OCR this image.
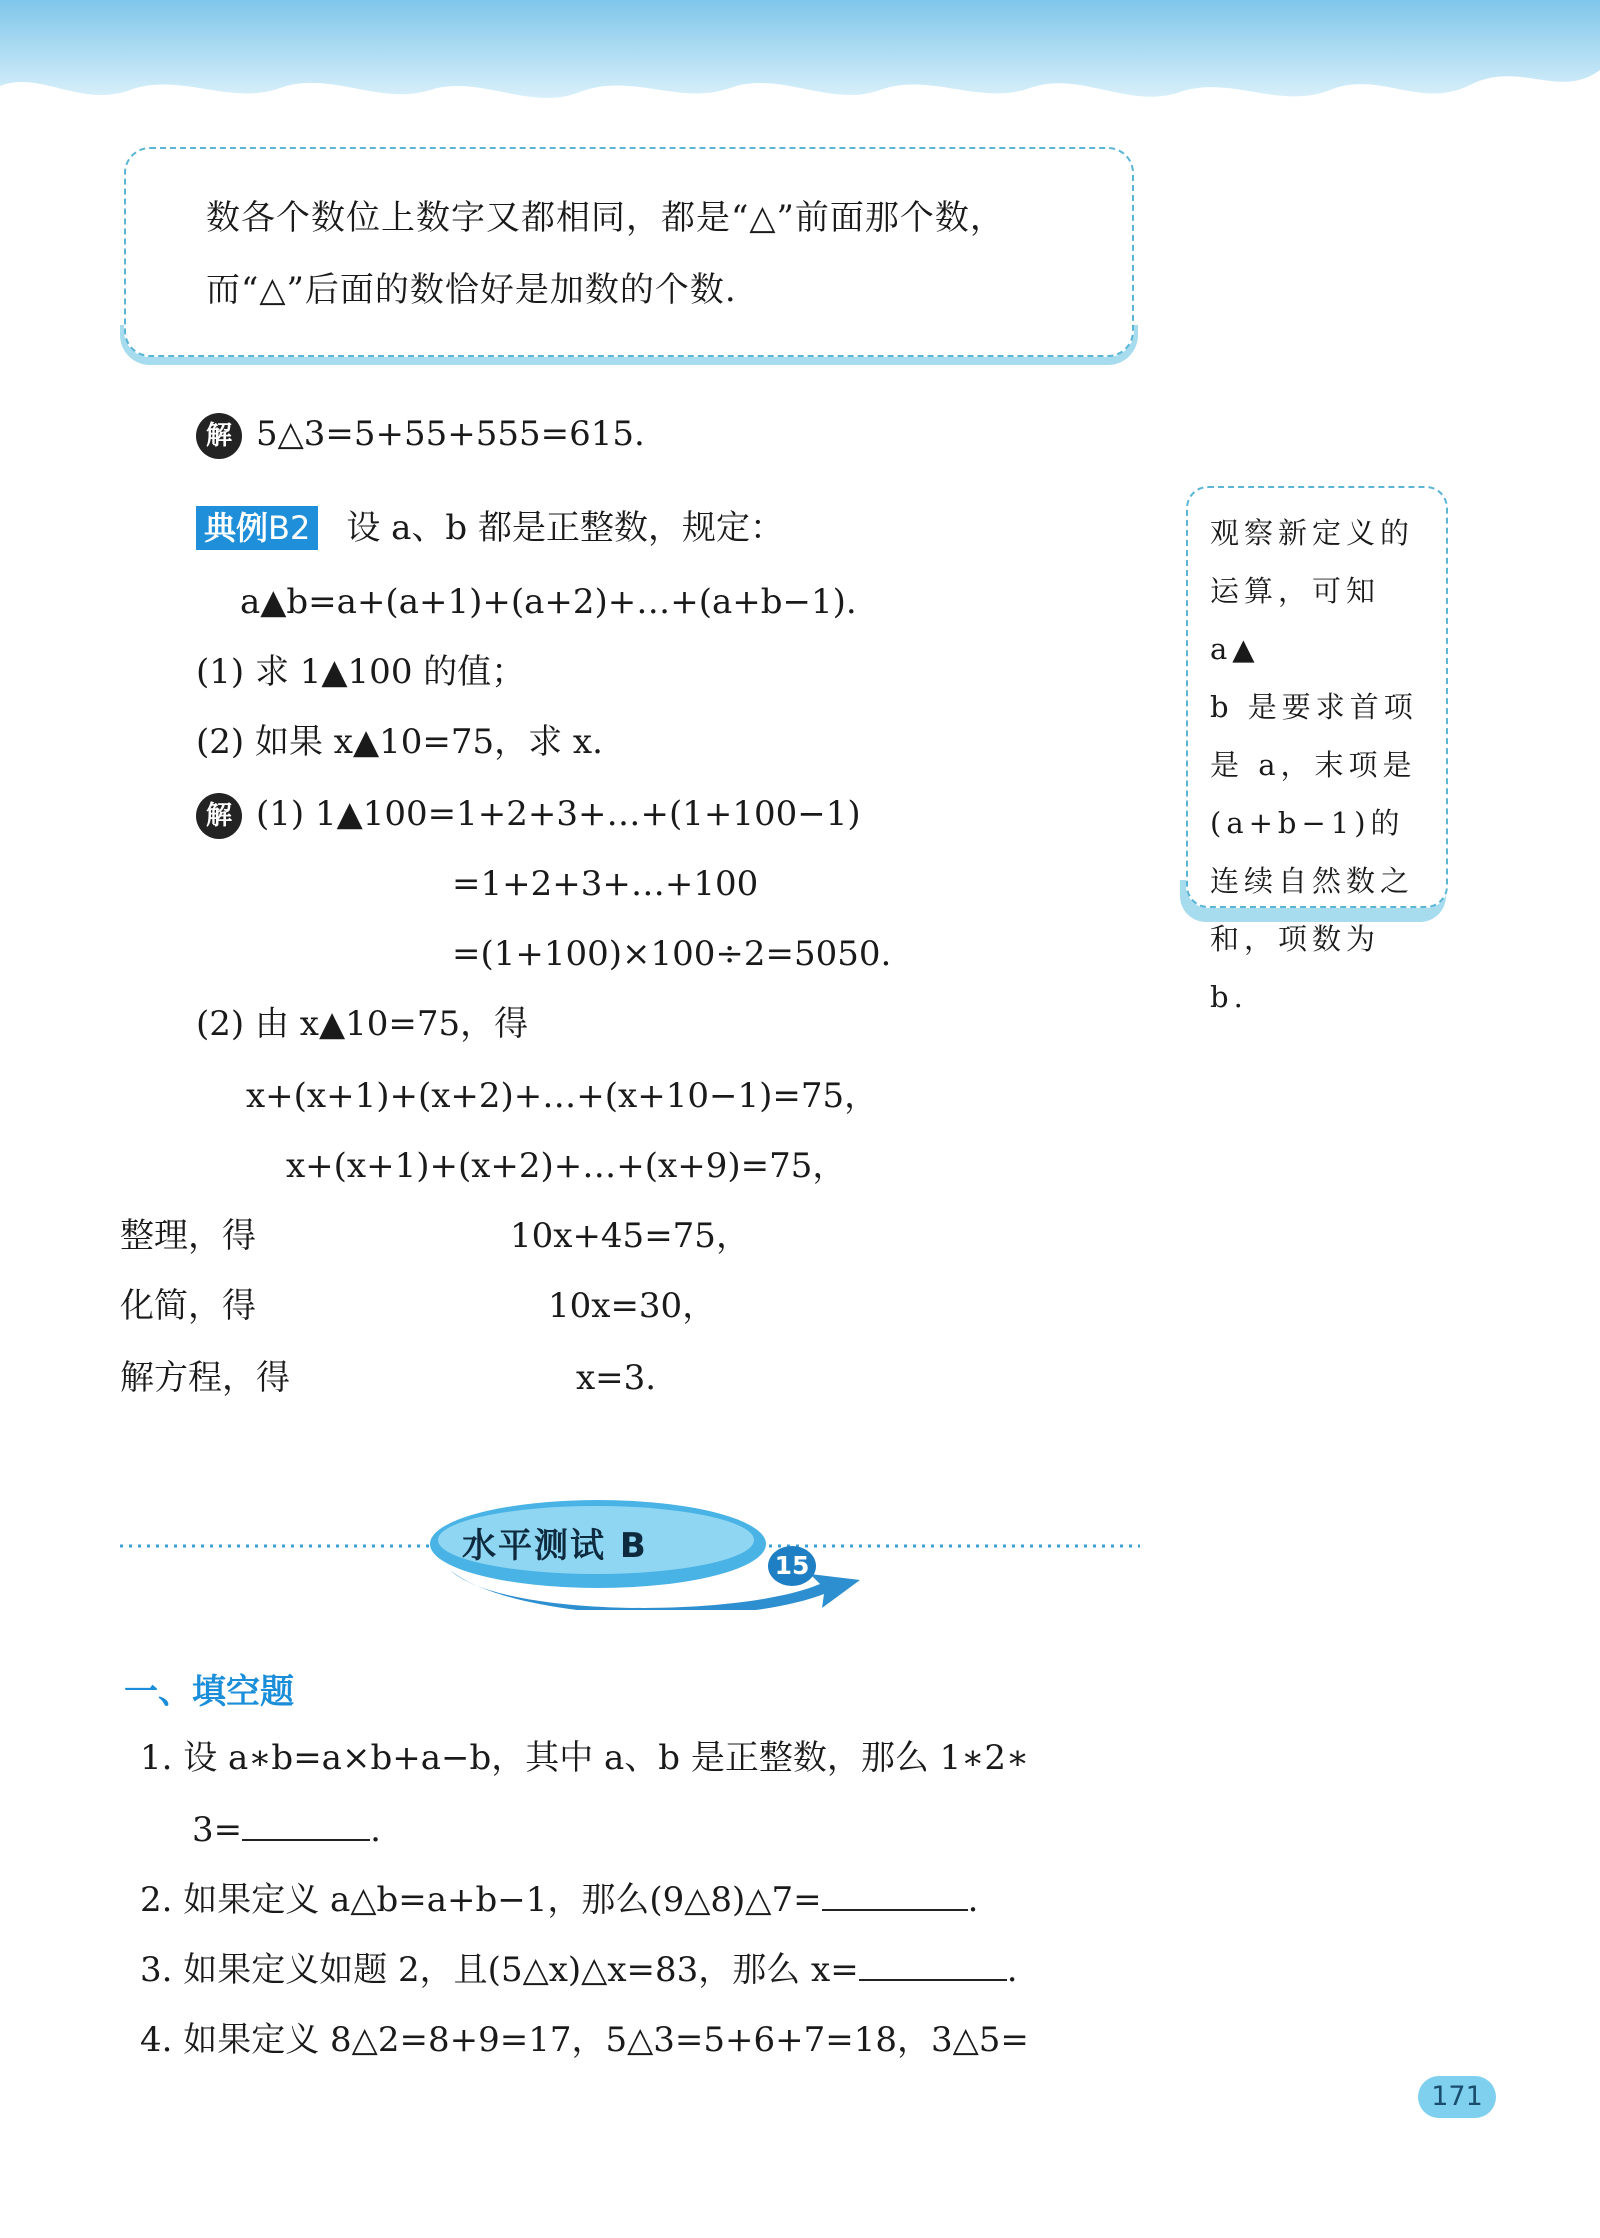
数各个数位上数字又都相同，都是“△”前面那个数，
而“△”后面的数恰好是加数的个数.
解 5△3=5+55+555=615.
典例B2 设 a、b 都是正整数，规定：
a▲b=a+(a+1)+(a+2)+…+(a+b−1).
(1) 求 1▲100 的值；
(2) 如果 x▲10=75，求 x.

观察新定义的

运算，可知 a▲

b 是要求首项

是 a，末项是

(a+b−1)的

连续自然数之

和，项数为 b.

解 (1) 1▲100=1+2+3+…+(1+100−1)
=1+2+3+…+100
=(1+100)×100÷2=5050.
(2) 由 x▲10=75，得
x+(x+1)+(x+2)+…+(x+10−1)=75，
x+(x+1)+(x+2)+…+(x+9)=75，
整理，得	10x+45=75，
化简，得	10x=30，
解方程，得	x=3.
水平测试 B	15
一、填空题
1. 设 a∗b=a×b+a−b，其中 a、b 是正整数，那么 1∗2∗
3=	.
2. 如果定义 a△b=a+b−1，那么(9△8)△7=	.
3. 如果定义如题 2，且(5△x)△x=83，那么 x=	.
4. 如果定义 8△2=8+9=17，5△3=5+6+7=18，3△5=
171
